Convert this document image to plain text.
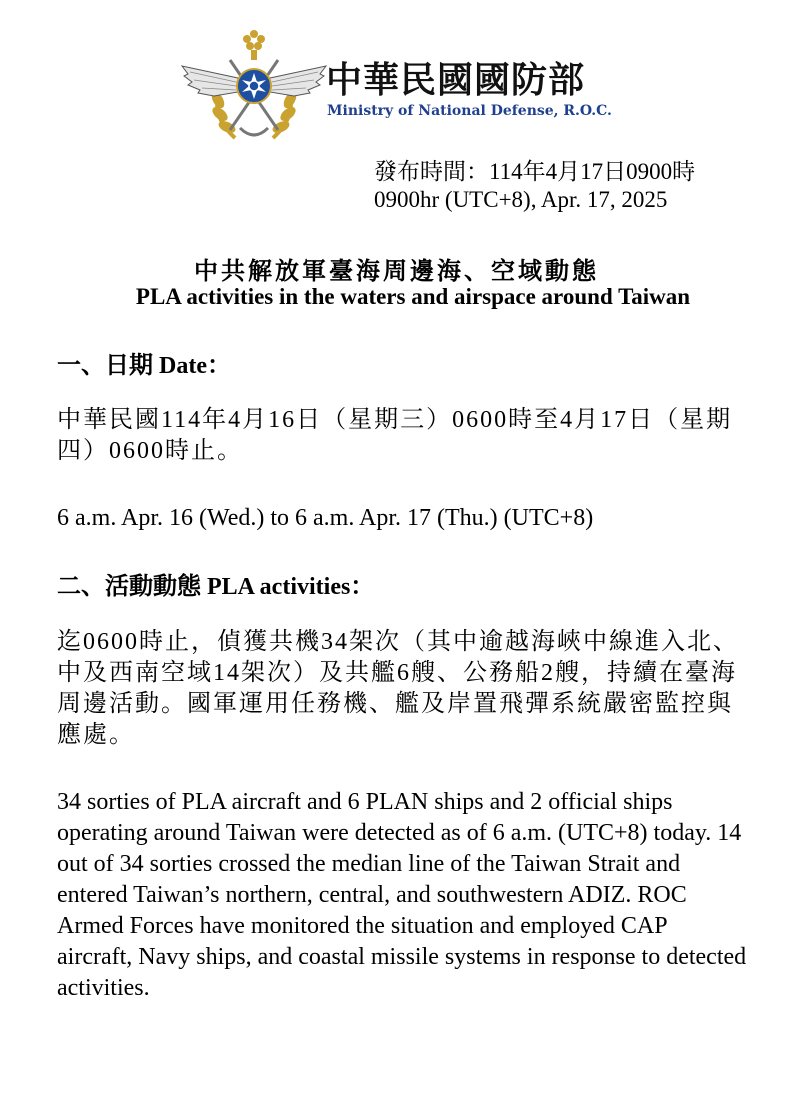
中華民國國防部
Ministry of National Defense, R.O.C.
發布時間：114年4月17日0900時
0900hr (UTC+8), Apr. 17, 2025
中共解放軍臺海周邊海、空域動態
PLA activities in the waters and airspace around Taiwan
一、日期 Date：
中華民國114年4月16日（星期三）0600時至4月17日（星期四）0600時止。
6 a.m. Apr. 16 (Wed.) to 6 a.m. Apr. 17 (Thu.) (UTC+8)
二、活動動態 PLA activities：
迄0600時止，偵獲共機34架次（其中逾越海峽中線進入北、中及西南空域14架次）及共艦6艘、公務船2艘，持續在臺海周邊活動。國軍運用任務機、艦及岸置飛彈系統嚴密監控與應處。
34 sorties of PLA aircraft and 6 PLAN ships and 2 official ships operating around Taiwan were detected as of 6 a.m. (UTC+8) today. 14 out of 34 sorties crossed the median line of the Taiwan Strait and entered Taiwan’s northern, central, and southwestern ADIZ. ROC Armed Forces have monitored the situation and employed CAP aircraft, Navy ships, and coastal missile systems in response to detected activities.
